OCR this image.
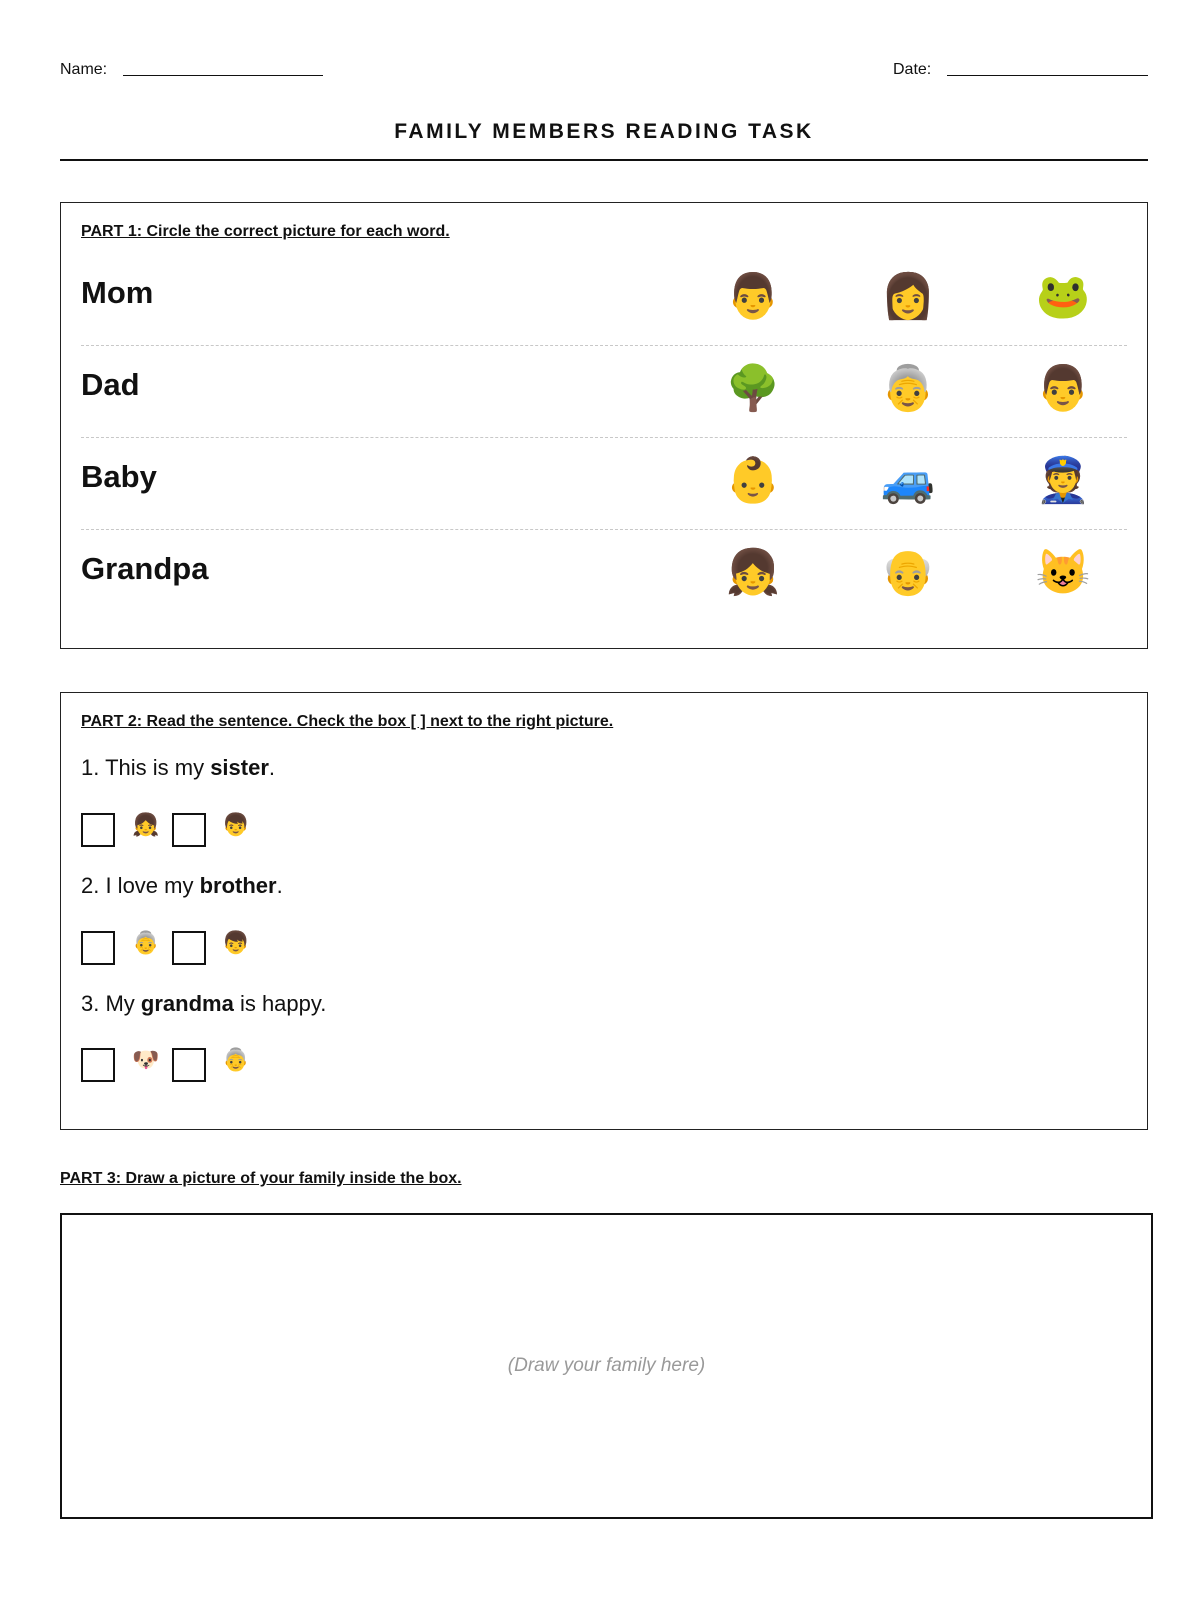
Name:	Date:
FAMILY MEMBERS READING TASK
PART 1: Circle the correct picture for each word.
Mom	👨 👩 🐸
Dad	🌳 👵 👨
Baby	👶 🚙 👮
Grandpa	👧 👴 😺
PART 2: Read the sentence. Check the box [ ] next to the right picture.
1. This is my sister.
👧	👦
2. I love my brother.
👵	👦
3. My grandma is happy.
🐶	👵
PART 3: Draw a picture of your family inside the box.
(Draw your family here)
